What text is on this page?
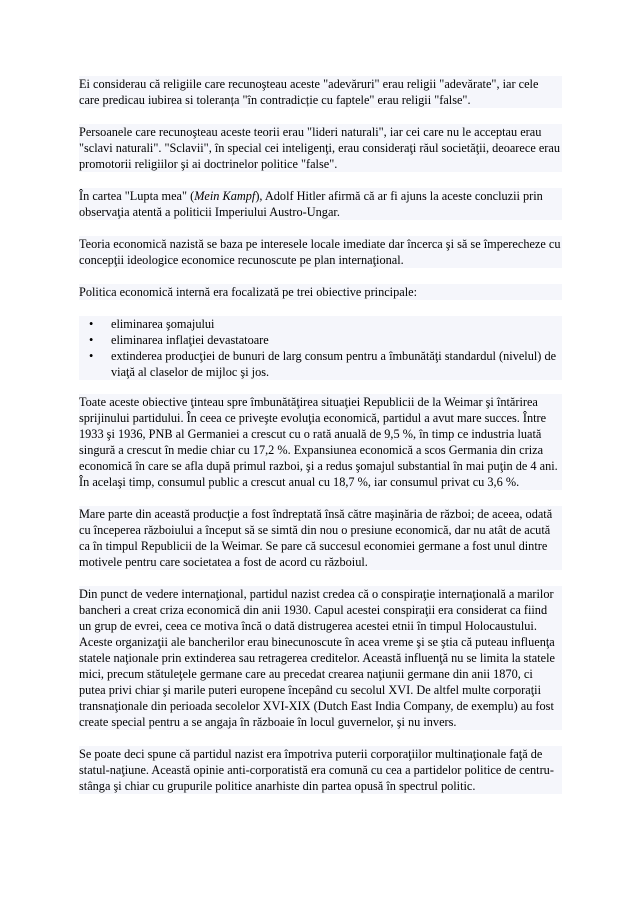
Ei considerau că religiile care recunoşteau aceste "adevăruri" erau religii "adevărate", iar cele care predicau iubirea si toleranța "în contradicție cu faptele" erau religii "false".

Persoanele care recunoşteau aceste teorii erau "lideri naturali", iar cei care nu le acceptau erau "sclavi naturali". "Sclavii", în special cei inteligenţi, erau consideraţi răul societăţii, deoarece erau promotorii religiilor şi ai doctrinelor politice "false".

În cartea "Lupta mea" (Mein Kampf), Adolf Hitler afirmă că ar fi ajuns la aceste concluzii prin observaţia atentă a politicii Imperiului Austro-Ungar.

Teoria economică nazistă se baza pe interesele locale imediate dar încerca şi să se împerecheze cu concepţii ideologice economice recunoscute pe plan internaţional.

Politica economică internă era focalizată pe trei obiective principale:

• eliminarea şomajului
• eliminarea inflaţiei devastatoare
• extinderea producţiei de bunuri de larg consum pentru a îmbunătăţi standardul (nivelul) de viaţă al claselor de mijloc şi jos.

Toate aceste obiective ţinteau spre îmbunătăţirea situaţiei Republicii de la Weimar şi întărirea sprijinului partidului. În ceea ce priveşte evoluţia economică, partidul a avut mare succes. Între 1933 şi 1936, PNB al Germaniei a crescut cu o rată anuală de 9,5 %, în timp ce industria luată singură a crescut în medie chiar cu 17,2 %. Expansiunea economică a scos Germania din criza economică în care se afla după primul razboi, şi a redus şomajul substantial în mai puţin de 4 ani. În acelaşi timp, consumul public a crescut anual cu 18,7 %, iar consumul privat cu 3,6 %.

Mare parte din această producţie a fost îndreptată însă către maşinăria de război; de aceea, odată cu începerea războiului a început să se simtă din nou o presiune economică, dar nu atât de acută ca în timpul Republicii de la Weimar. Se pare că succesul economiei germane a fost unul dintre motivele pentru care societatea a fost de acord cu războiul.

Din punct de vedere internaţional, partidul nazist credea că o conspiraţie internaţională a marilor bancheri a creat criza economică din anii 1930. Capul acestei conspiraţii era considerat ca fiind un grup de evrei, ceea ce motiva încă o dată distrugerea acestei etnii în timpul Holocaustului. Aceste organizaţii ale bancherilor erau binecunoscute în acea vreme şi se ştia că puteau influenţa statele naţionale prin extinderea sau retragerea creditelor. Această influenţă nu se limita la statele mici, precum stătuleţele germane care au precedat crearea naţiunii germane din anii 1870, ci putea privi chiar şi marile puteri europene începând cu secolul XVI. De altfel multe corporaţii transnaţionale din perioada secolelor XVI-XIX (Dutch East India Company, de exemplu) au fost create special pentru a se angaja în războaie în locul guvernelor, şi nu invers.

Se poate deci spune că partidul nazist era împotriva puterii corporaţiilor multinaţionale faţă de statul-naţiune. Această opinie anti-corporatistă era comună cu cea a partidelor politice de centru-stânga şi chiar cu grupurile politice anarhiste din partea opusă în spectrul politic.
